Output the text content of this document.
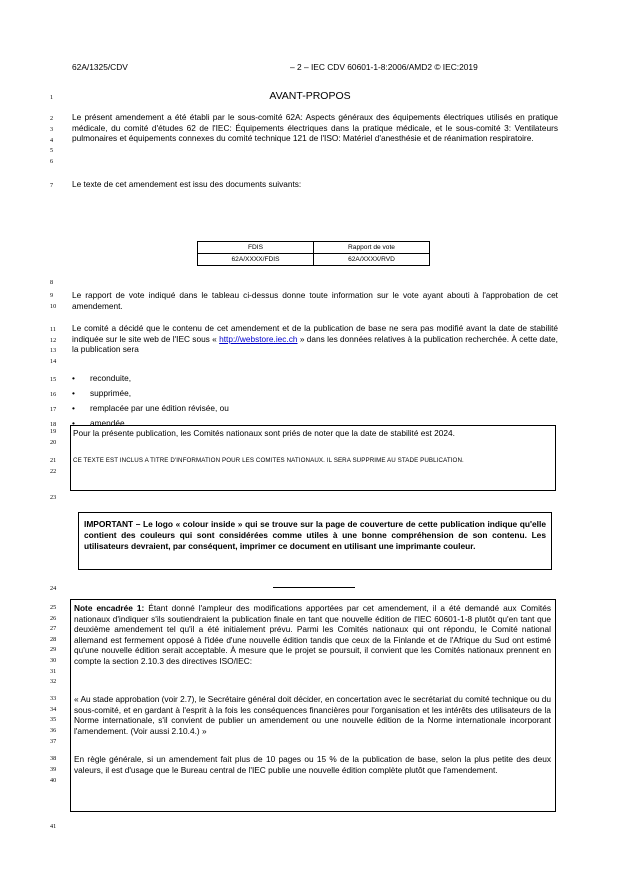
62A/1325/CDV	– 2 – IEC CDV 60601-1-8:2006/AMD2 © IEC:2019
1
2
3
4
5
6
7
8
9
10
11
12
13
14
15
16
17
18
19
20
21
22
23
24
25
26
27
28
29
30
31
32
33
34
35
36
37
38
39
40
41
AVANT-PROPOS
Le présent amendement a été établi par le sous-comité 62A: Aspects généraux des équipements électriques utilisés en pratique médicale, du comité d'études 62 de l'IEC: Équipements électriques dans la pratique médicale, et le sous-comité 3: Ventilateurs pulmonaires et équipements connexes du comité technique 121 de l'ISO: Matériel d'anesthésie et de réanimation respiratoire.
Le texte de cet amendement est issu des documents suivants:
FDIS	Rapport de vote
62A/XXXX/FDIS	62A/XXXX/RVD
Le rapport de vote indiqué dans le tableau ci-dessus donne toute information sur le vote ayant abouti à l'approbation de cet amendement.
Le comité a décidé que le contenu de cet amendement et de la publication de base ne sera pas modifié avant la date de stabilité indiquée sur le site web de l'IEC sous « http://webstore.iec.ch » dans les données relatives à la publication recherchée. À cette date, la publication sera
• reconduite,
• supprimée,
• remplacée par une édition révisée, ou
Pour la présente publication, les Comités nationaux sont priés de noter que la date de stabilité est 2024.
CE TEXTE EST INCLUS A TITRE D'INFORMATION POUR LES COMITES NATIONAUX. IL SERA SUPPRIME AU STADE PUBLICATION.
• amendée.
IMPORTANT – Le logo « colour inside » qui se trouve sur la page de couverture de cette publication indique qu'elle contient des couleurs qui sont considérées comme utiles à une bonne compréhension de son contenu. Les utilisateurs devraient, par conséquent, imprimer ce document en utilisant une imprimante couleur.
Note encadrée 1: Étant donné l'ampleur des modifications apportées par cet amendement, il a été demandé aux Comités nationaux d'indiquer s'ils soutiendraient la publication finale en tant que nouvelle édition de l'IEC 60601-1-8 plutôt qu'en tant que deuxième amendement tel qu'il a été initialement prévu. Parmi les Comités nationaux qui ont répondu, le Comité national allemand est fermement opposé à l'idée d'une nouvelle édition tandis que ceux de la Finlande et de l'Afrique du Sud ont estimé qu'une nouvelle édition serait acceptable. À mesure que le projet se poursuit, il convient que les Comités nationaux prennent en compte la section 2.10.3 des directives ISO/IEC:
« Au stade approbation (voir 2.7), le Secrétaire général doit décider, en concertation avec le secrétariat du comité technique ou du sous-comité, et en gardant à l'esprit à la fois les conséquences financières pour l'organisation et les intérêts des utilisateurs de la Norme internationale, s'il convient de publier un amendement ou une nouvelle édition de la Norme internationale incorporant l'amendement. (Voir aussi 2.10.4.) »
En règle générale, si un amendement fait plus de 10 pages ou 15 % de la publication de base, selon la plus petite des deux valeurs, il est d'usage que le Bureau central de l'IEC publie une nouvelle édition complète plutôt que l'amendement.
